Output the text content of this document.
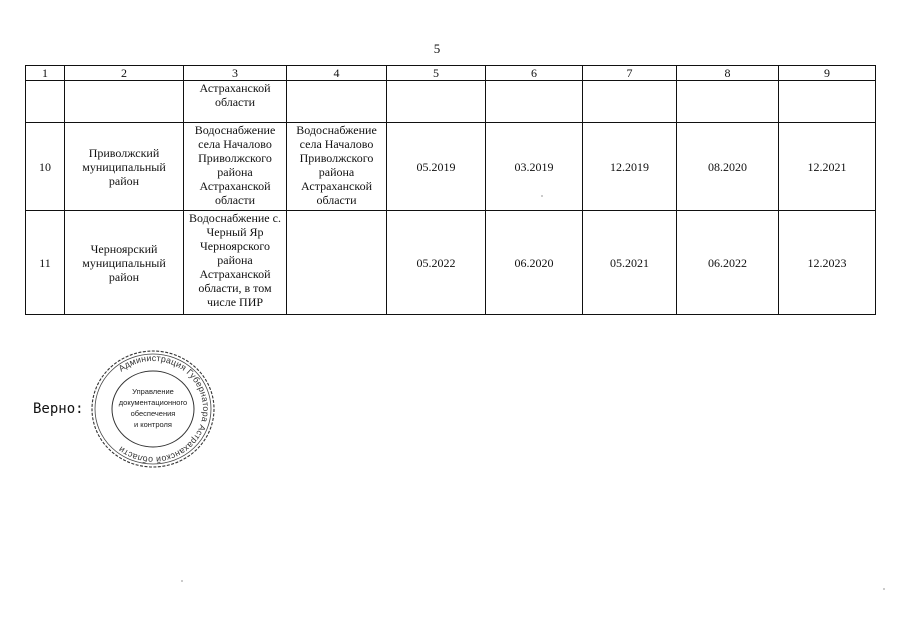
5
1	2	3	4	5	6	7	8	9
		Астраханской области						
10	Приволжский муниципальный район	Водоснабжение села Началово Приволжского района Астраханской области	Водоснабжение села Началово Приволжского района Астраханской области	05.2019	03.2019	12.2019	08.2020	12.2021
11	Черноярский муниципальный район	Водоснабжение с. Черный Яр Черноярского района Астраханской области, в том числе ПИР		05.2022	06.2020	05.2021	06.2022	12.2023
Верно:
Администрация Губернатора Астраханской области
Управление
документационного
обеспечения
и контроля
